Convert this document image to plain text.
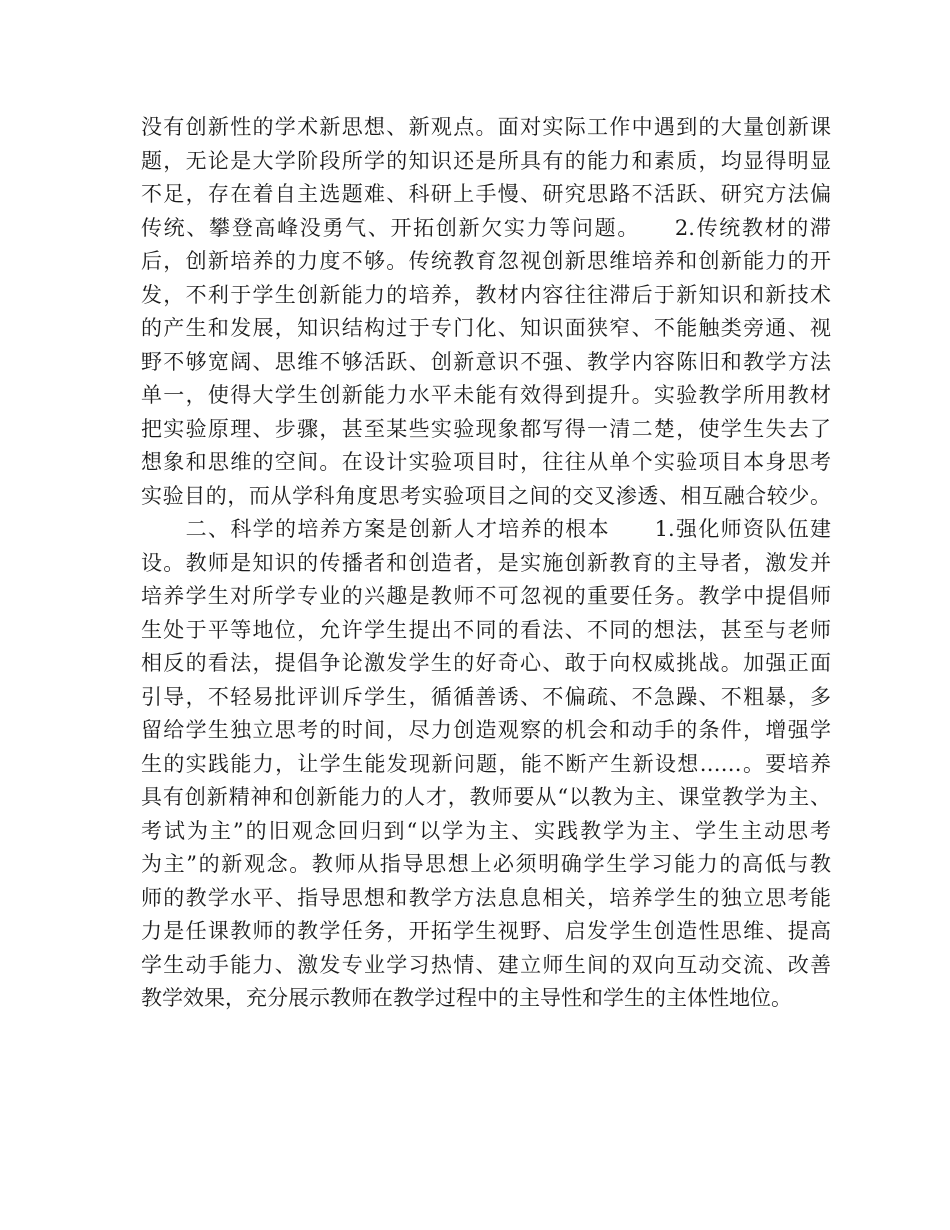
没有创新性的学术新思想、新观点。面对实际工作中遇到的大量创新课
题，无论是大学阶段所学的知识还是所具有的能力和素质，均显得明显
不足，存在着自主选题难、科研上手慢、研究思路不活跃、研究方法偏
传统、攀登高峰没勇气、开拓创新欠实力等问题。　　2.传统教材的滞
后，创新培养的力度不够。传统教育忽视创新思维培养和创新能力的开
发，不利于学生创新能力的培养，教材内容往往滞后于新知识和新技术
的产生和发展，知识结构过于专门化、知识面狭窄、不能触类旁通、视
野不够宽阔、思维不够活跃、创新意识不强、教学内容陈旧和教学方法
单一，使得大学生创新能力水平未能有效得到提升。实验教学所用教材
把实验原理、步骤，甚至某些实验现象都写得一清二楚，使学生失去了
想象和思维的空间。在设计实验项目时，往往从单个实验项目本身思考
实验目的，而从学科角度思考实验项目之间的交叉渗透、相互融合较少。
　　二、科学的培养方案是创新人才培养的根本　　1.强化师资队伍建
设。教师是知识的传播者和创造者，是实施创新教育的主导者，激发并
培养学生对所学专业的兴趣是教师不可忽视的重要任务。教学中提倡师
生处于平等地位，允许学生提出不同的看法、不同的想法，甚至与老师
相反的看法，提倡争论激发学生的好奇心、敢于向权威挑战。加强正面
引导，不轻易批评训斥学生，循循善诱、不偏疏、不急躁、不粗暴，多
留给学生独立思考的时间，尽力创造观察的机会和动手的条件，增强学
生的实践能力，让学生能发现新问题，能不断产生新设想……。要培养
具有创新精神和创新能力的人才，教师要从“以教为主、课堂教学为主、
考试为主”的旧观念回归到“以学为主、实践教学为主、学生主动思考
为主”的新观念。教师从指导思想上必须明确学生学习能力的高低与教
师的教学水平、指导思想和教学方法息息相关，培养学生的独立思考能
力是任课教师的教学任务，开拓学生视野、启发学生创造性思维、提高
学生动手能力、激发专业学习热情、建立师生间的双向互动交流、改善
教学效果，充分展示教师在教学过程中的主导性和学生的主体性地位。
